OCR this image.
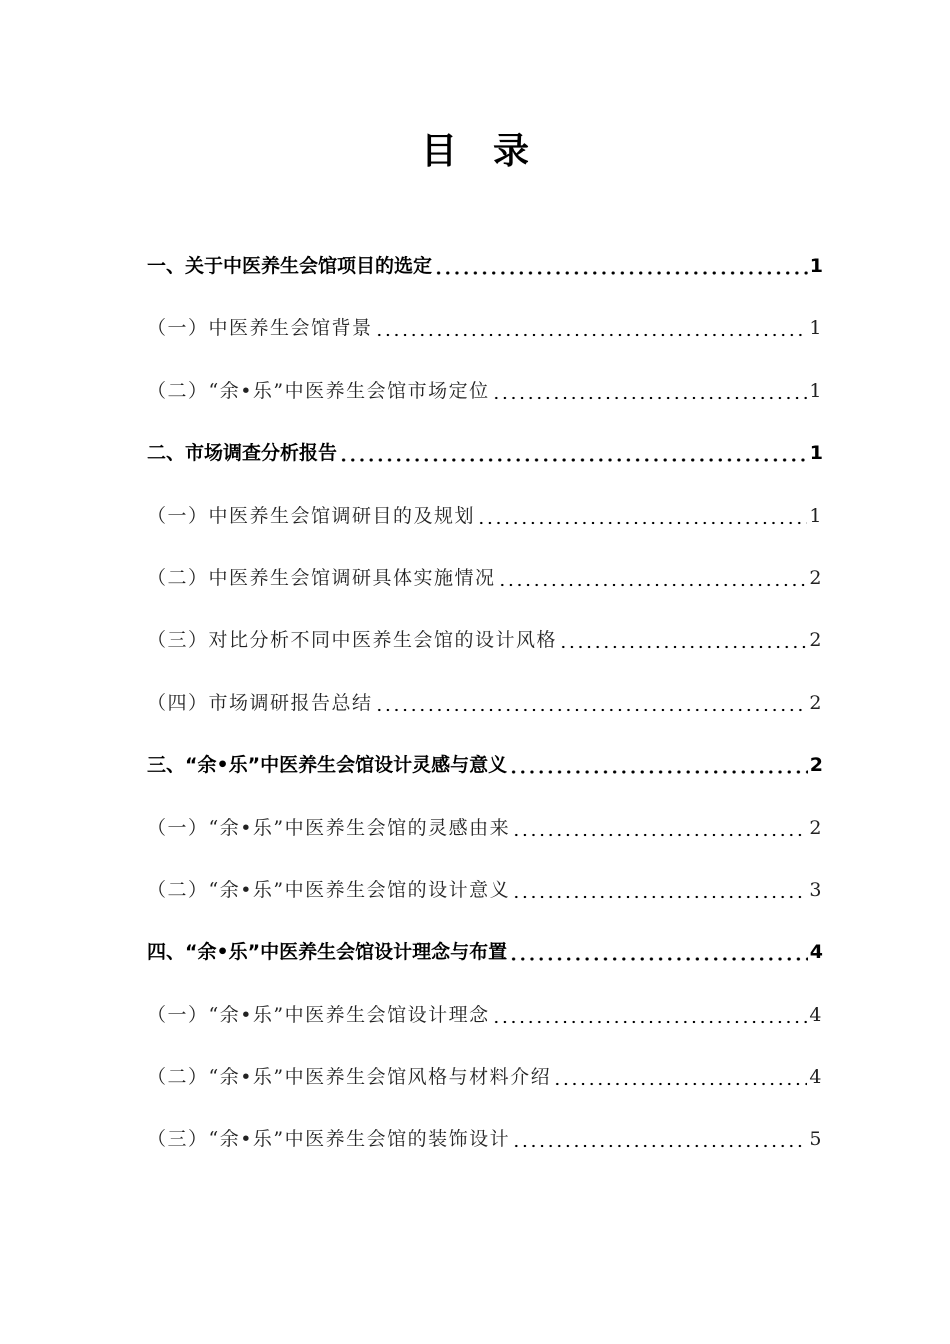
目录
一、关于中医养生会馆项目的选定	1
（一）中医养生会馆背景	1
（二）“余•乐”中医养生会馆市场定位	1
二、市场调查分析报告	1
（一）中医养生会馆调研目的及规划	1
（二）中医养生会馆调研具体实施情况	2
（三）对比分析不同中医养生会馆的设计风格	2
（四）市场调研报告总结	2
三、“余•乐”中医养生会馆设计灵感与意义	2
（一）“余•乐”中医养生会馆的灵感由来	2
（二）“余•乐”中医养生会馆的设计意义	3
四、“余•乐”中医养生会馆设计理念与布置	4
（一）“余•乐”中医养生会馆设计理念	4
（二）“余•乐”中医养生会馆风格与材料介绍	4
（三）“余•乐”中医养生会馆的装饰设计	5
